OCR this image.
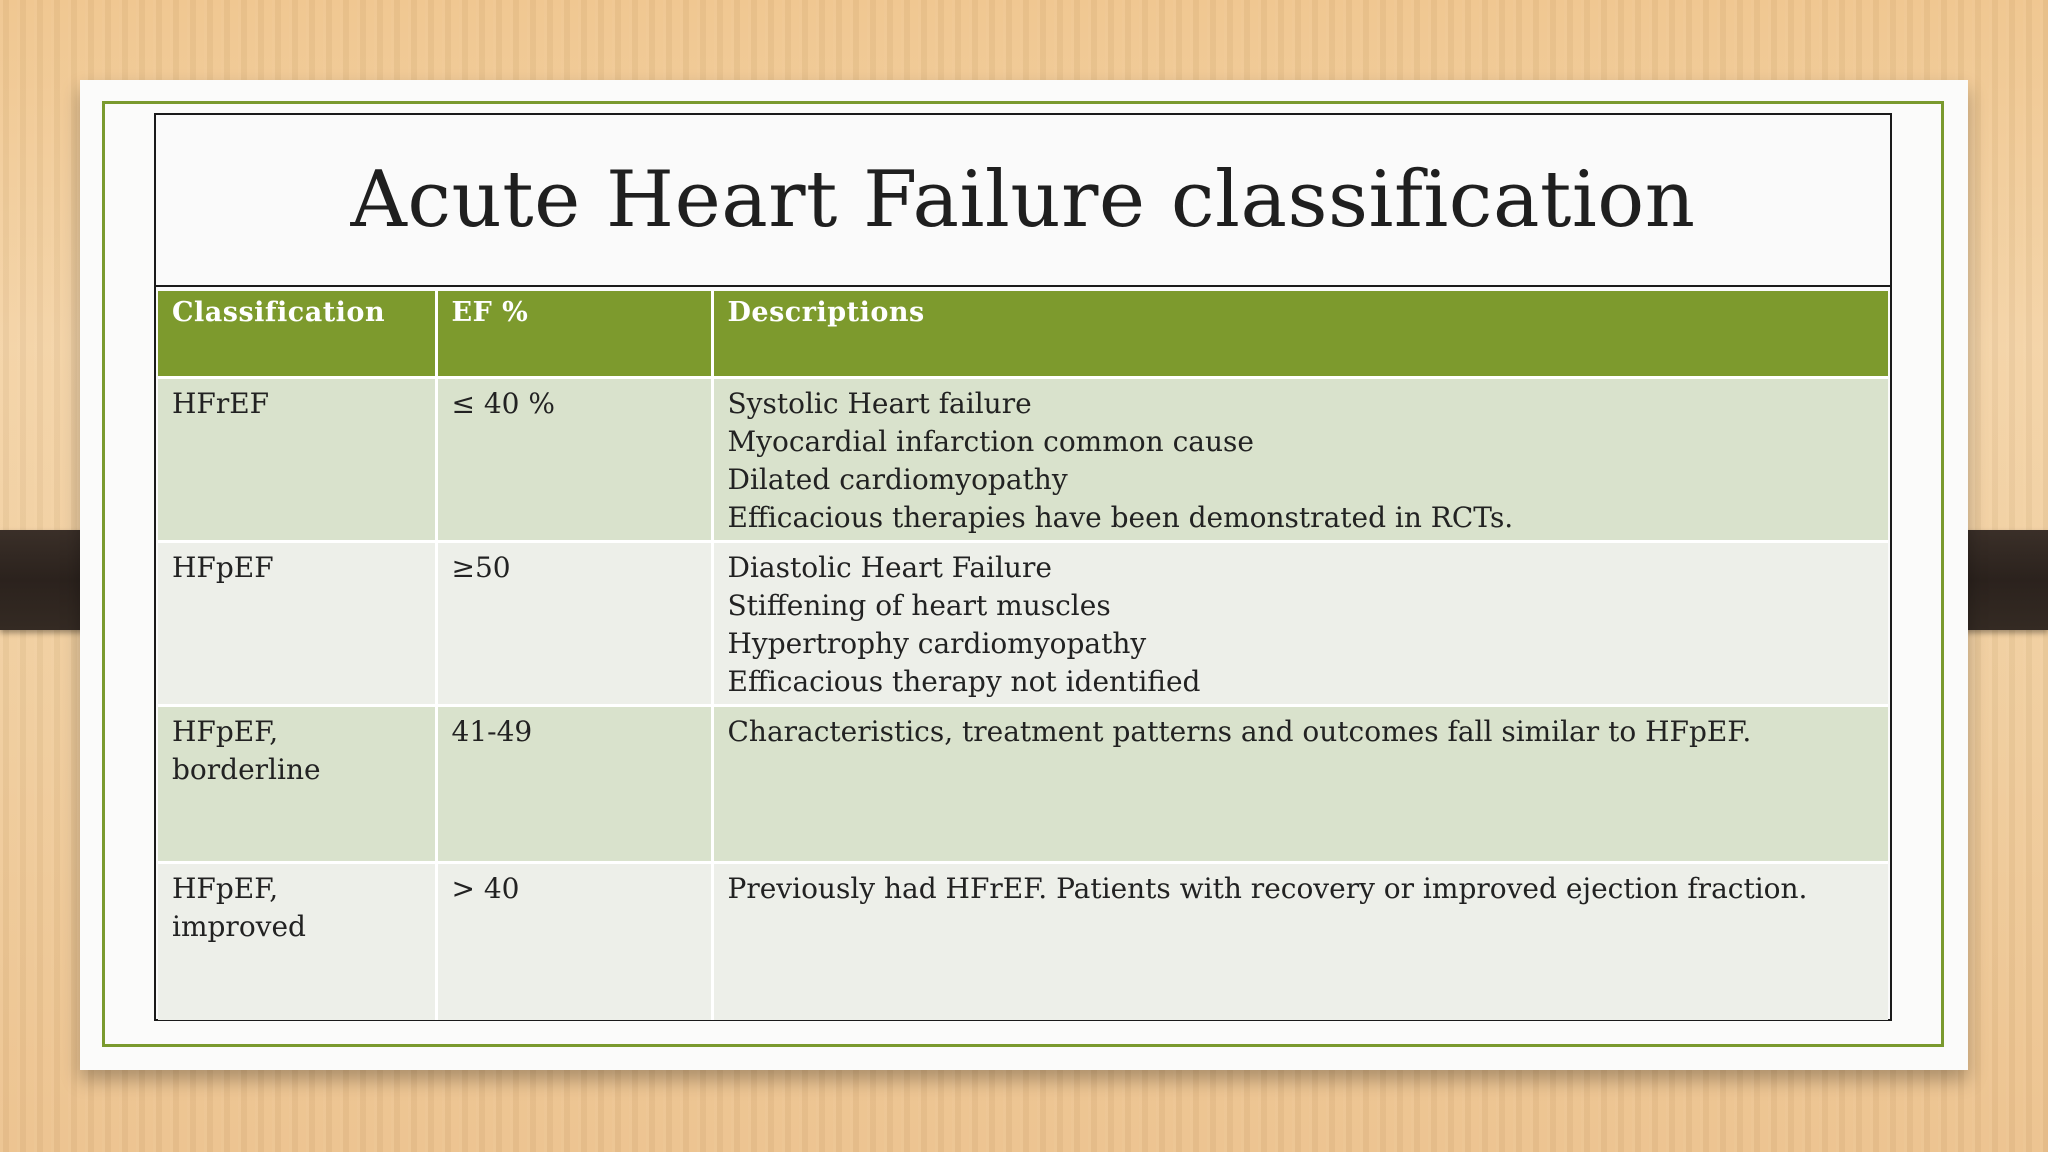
Acute Heart Failure classification
Classification	EF %	Descriptions

HFrEF	≤ 40 %	Systolic Heart failure
Myocardial infarction common cause
Dilated cardiomyopathy
Efficacious therapies have been demonstrated in RCTs.

HFpEF	≥50	Diastolic Heart Failure
Stiffening of heart muscles
Hypertrophy cardiomyopathy
Efficacious therapy not identified

HFpEF,
borderline	41-49	Characteristics, treatment patterns and outcomes fall similar to HFpEF.

HFpEF,
improved	> 40	Previously had HFrEF. Patients with recovery or improved ejection fraction.
